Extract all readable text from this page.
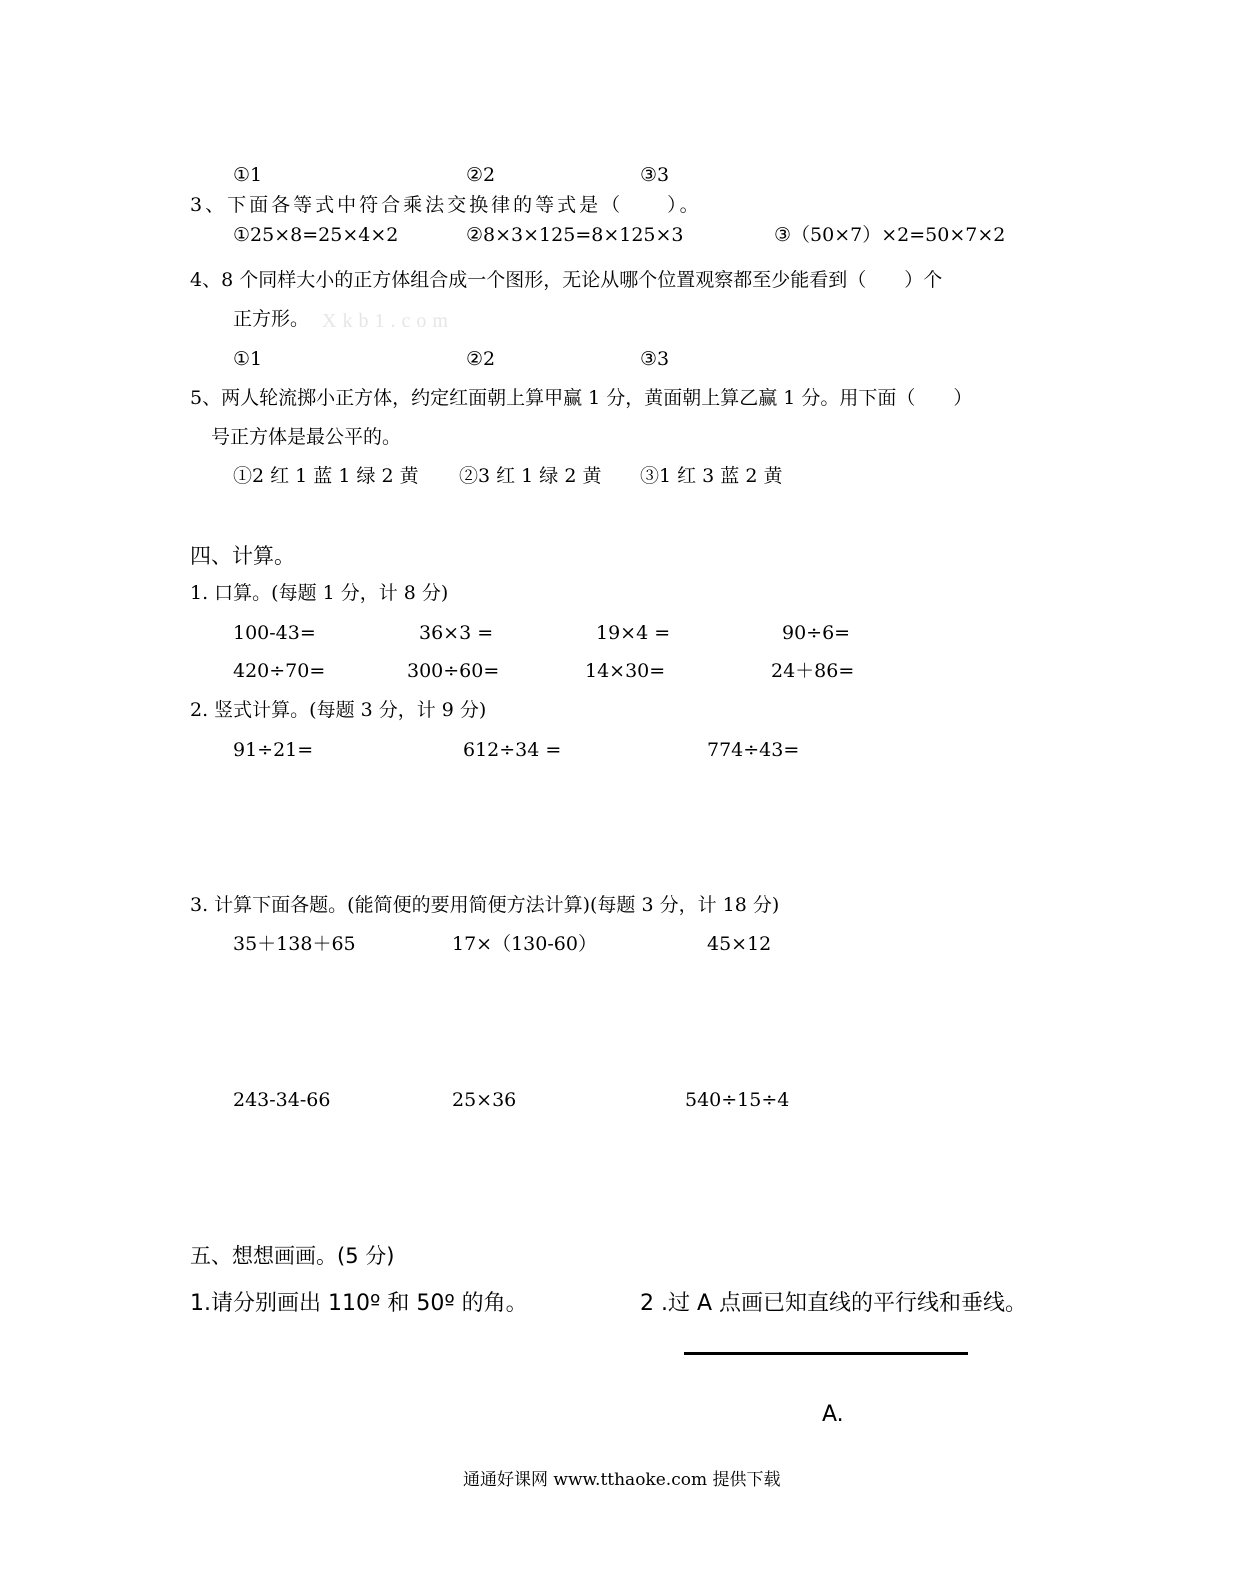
①1	②2	③3
3、下面各等式中符合乘法交换律的等式是（　　）。
①25×8=25×4×2	②8×3×125=8×125×3	③（50×7）×2=50×7×2
4、8 个同样大小的正方体组合成一个图形，无论从哪个位置观察都至少能看到（　　）个
正方形。 Xkb1.com
①1	②2	③3
5、两人轮流掷小正方体，约定红面朝上算甲赢 1 分，黄面朝上算乙赢 1 分。用下面（　　）
号正方体是最公平的。
①2 红 1 蓝 1 绿 2 黄 ②3 红 1 绿 2 黄 ③1 红 3 蓝 2 黄
四、计算。
1. 口算。(每题 1 分，计 8 分)
100-43=	36×3 =	19×4 =	90÷6=
420÷70=	300÷60=	14×30=	24＋86=
2. 竖式计算。(每题 3 分，计 9 分)
91÷21=	612÷34 =	774÷43=
3. 计算下面各题。(能简便的要用简便方法计算)(每题 3 分，计 18 分)
35＋138＋65	17×（130-60）	45×12
243-34-66	25×36	540÷15÷4
五、想想画画。(5 分)
1.请分别画出 110º 和 50º 的角。	2 .过 A 点画已知直线的平行线和垂线。
A.
通通好课网 www.tthaoke.com 提供下载
